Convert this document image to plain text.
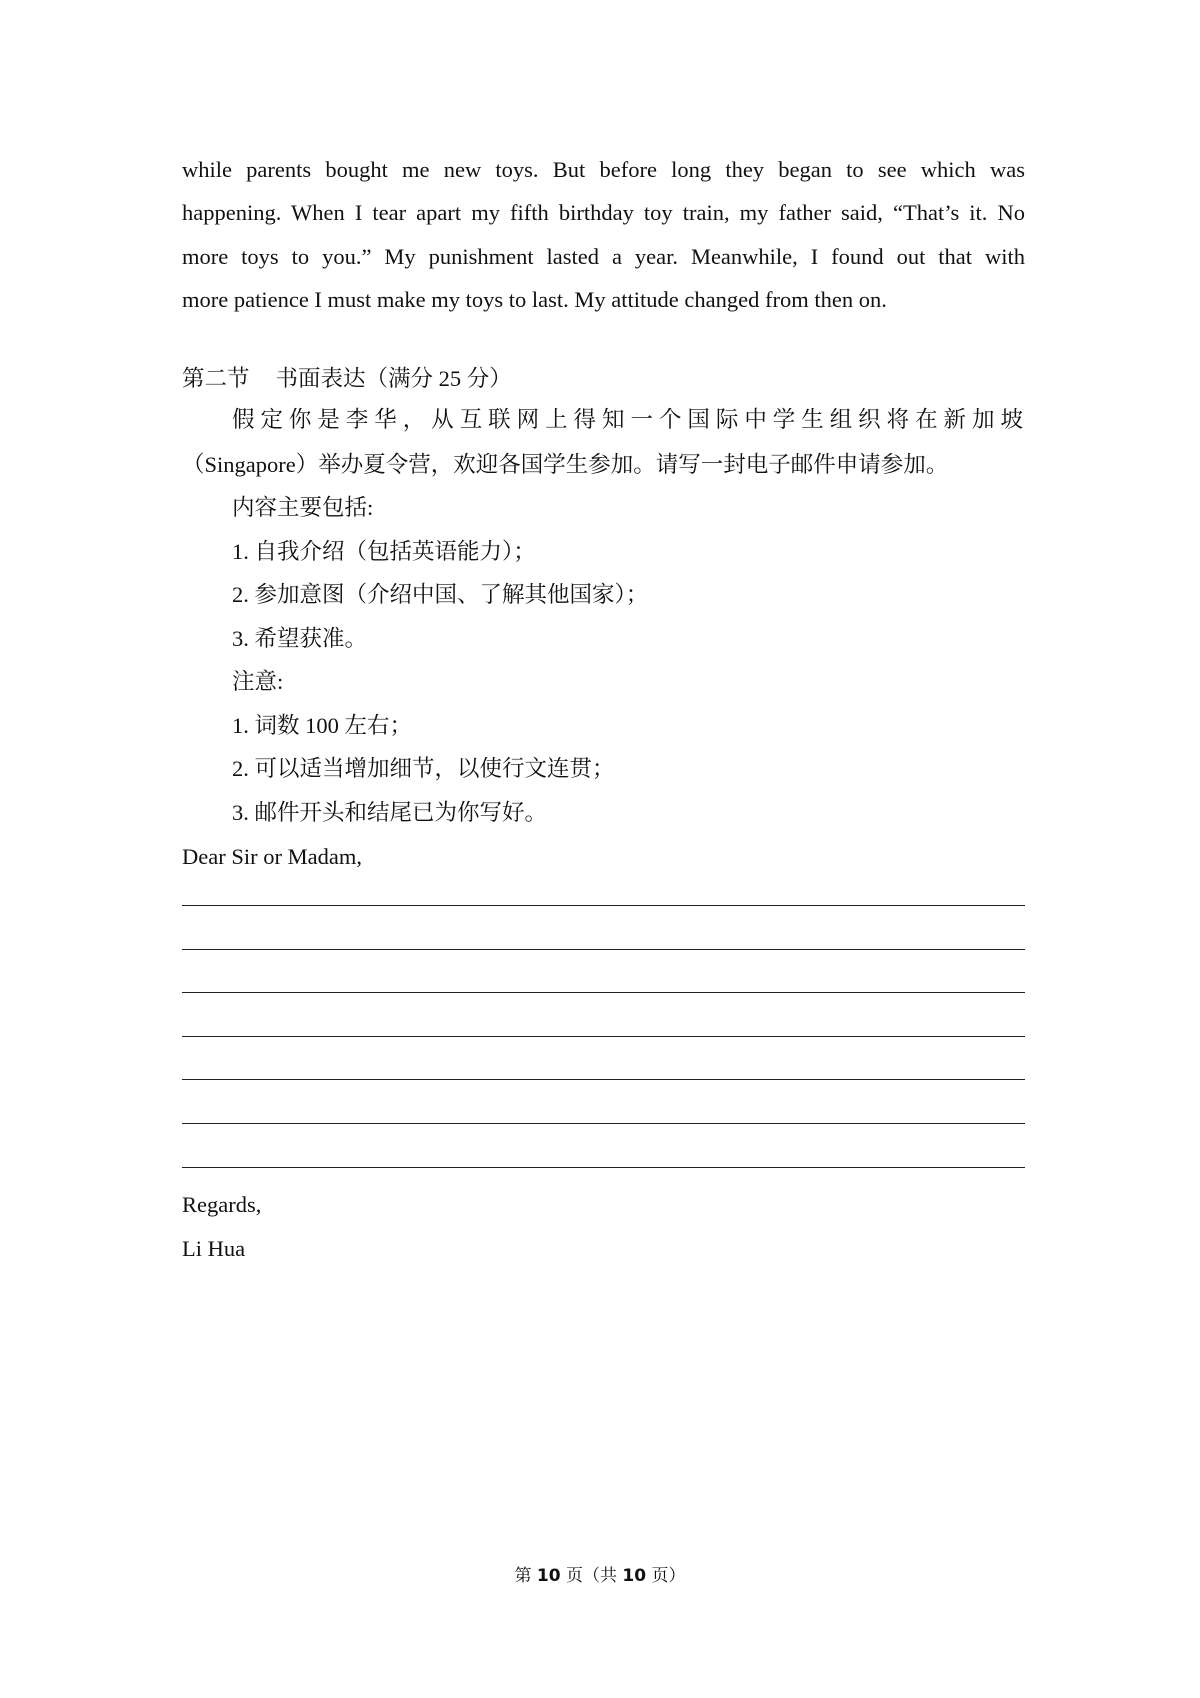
while parents bought me new toys. But before long they began to see which was
happening. When I tear apart my fifth birthday toy train, my father said, “That’s it. No
more toys to you.” My punishment lasted a year. Meanwhile, I found out that with
more patience I must make my toys to last. My attitude changed from then on.
第二节 书面表达（满分 25 分）
假定你是李华，从互联网上得知一个国际中学生组织将在新加坡
（Singapore）举办夏令营，欢迎各国学生参加。请写一封电子邮件申请参加。
内容主要包括:
1. 自我介绍（包括英语能力）；
2. 参加意图（介绍中国、了解其他国家）；
3. 希望获准。
注意:
1. 词数 100 左右；
2. 可以适当增加细节，以使行文连贯；
3. 邮件开头和结尾已为你写好。
Dear Sir or Madam,
Regards,
Li Hua
第 10 页（共 10 页）
